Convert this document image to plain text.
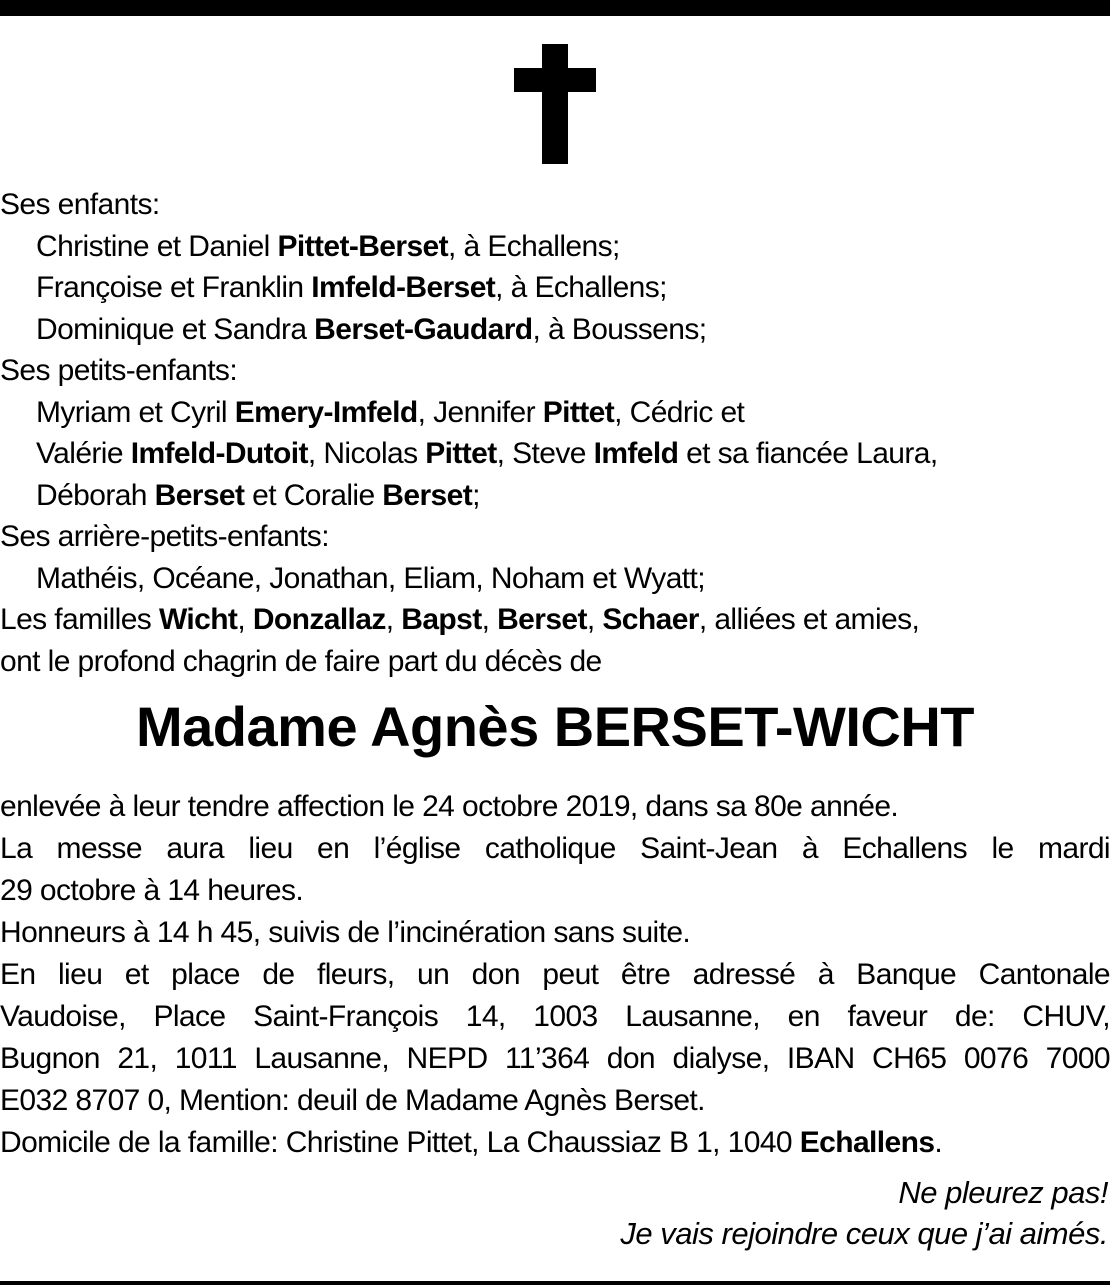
Ses enfants:
Christine et Daniel Pittet-Berset, à Echallens;
Françoise et Franklin Imfeld-Berset, à Echallens;
Dominique et Sandra Berset-Gaudard, à Boussens;
Ses petits-enfants:
Myriam et Cyril Emery-Imfeld, Jennifer Pittet, Cédric et
Valérie Imfeld-Dutoit, Nicolas Pittet, Steve Imfeld et sa fiancée Laura,
Déborah Berset et Coralie Berset;
Ses arrière-petits-enfants:
Mathéis, Océane, Jonathan, Eliam, Noham et Wyatt;
Les familles Wicht, Donzallaz, Bapst, Berset, Schaer, alliées et amies,
ont le profond chagrin de faire part du décès de
Madame Agnès BERSET-WICHT
enlevée à leur tendre affection le 24 octobre 2019, dans sa 80e année.
La messe aura lieu en l’église catholique Saint-Jean à Echallens le mardi
29 octobre à 14 heures.
Honneurs à 14 h 45, suivis de l’incinération sans suite.
En lieu et place de fleurs, un don peut être adressé à Banque Cantonale
Vaudoise, Place Saint-François 14, 1003 Lausanne, en faveur de: CHUV,
Bugnon 21, 1011 Lausanne, NEPD 11’364 don dialyse, IBAN CH65 0076 7000
E032 8707 0, Mention: deuil de Madame Agnès Berset.
Domicile de la famille: Christine Pittet, La Chaussiaz B 1, 1040 Echallens.
Ne pleurez pas!
Je vais rejoindre ceux que j’ai aimés.
